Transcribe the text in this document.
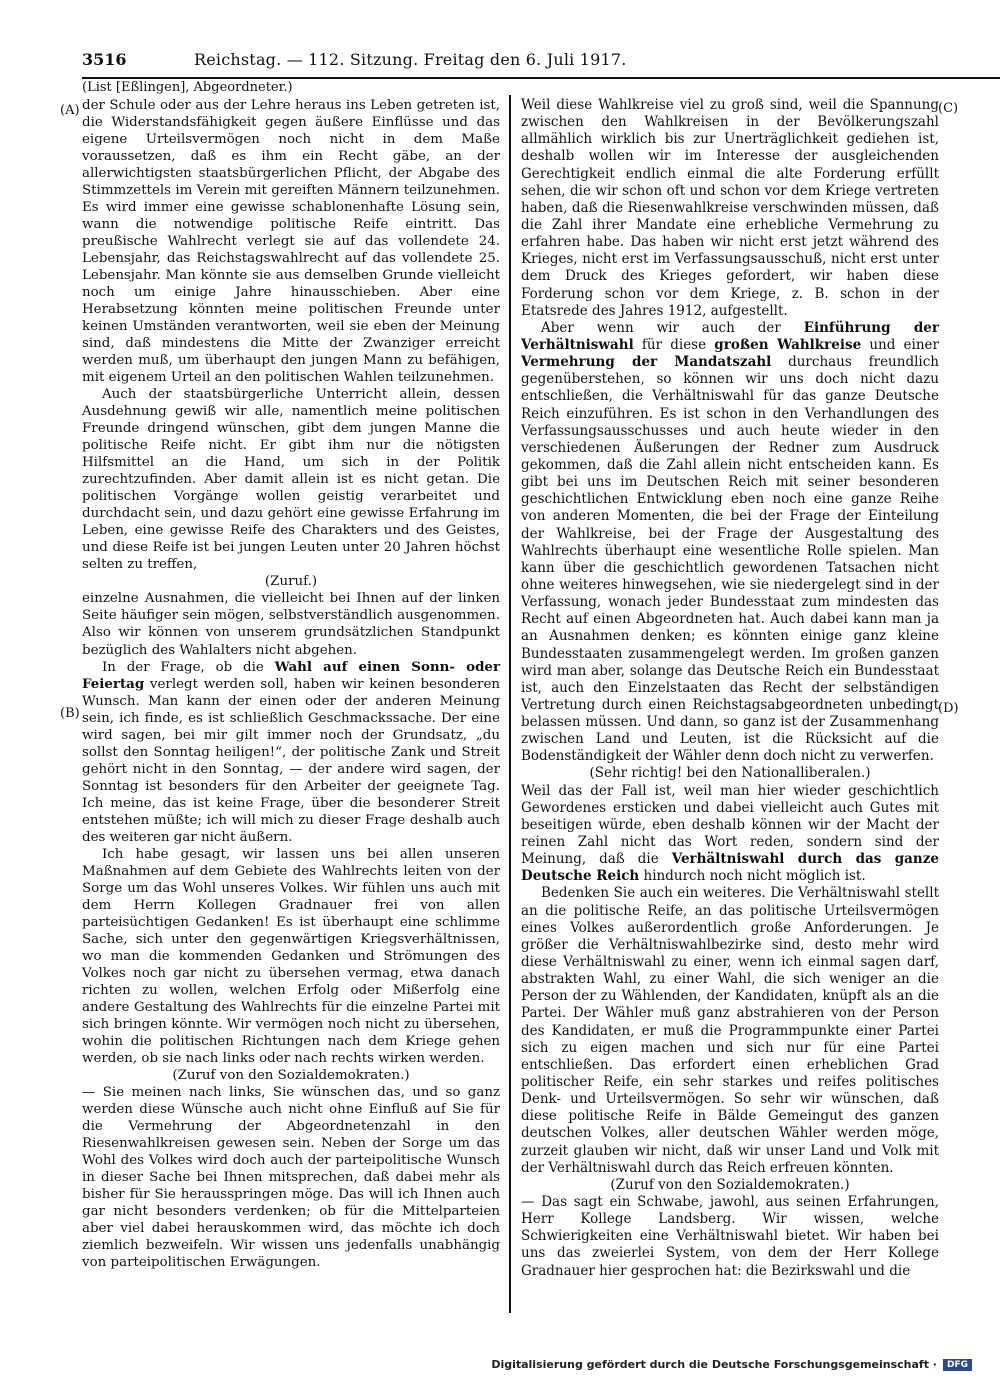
3516	Reichstag. — 112. Sitzung. Freitag den 6. Juli 1917.
(List [Eßlingen], Abgeordneter.)
(A)
(B)
(C)
(D)

der Schule oder aus der Lehre heraus ins Leben getreten ist, die Widerstandsfähigkeit gegen äußere Einflüsse und das eigene Urteilsvermögen noch nicht in dem Maße voraussetzen, daß es ihm ein Recht gäbe, an der allerwichtigsten staatsbürgerlichen Pflicht, der Abgabe des Stimmzettels im Verein mit gereiften Männern teilzunehmen. Es wird immer eine gewisse schablonenhafte Lösung sein, wann die notwendige politische Reife eintritt. Das preußische Wahlrecht verlegt sie auf das vollendete 24. Lebensjahr, das Reichstagswahlrecht auf das vollendete 25. Lebensjahr. Man könnte sie aus demselben Grunde vielleicht noch um einige Jahre hinausschieben. Aber eine Herabsetzung könnten meine politischen Freunde unter keinen Umständen verantworten, weil sie eben der Meinung sind, daß mindestens die Mitte der Zwanziger erreicht werden muß, um überhaupt den jungen Mann zu befähigen, mit eigenem Urteil an den politischen Wahlen teilzunehmen.

Auch der staatsbürgerliche Unterricht allein, dessen Ausdehnung gewiß wir alle, namentlich meine politischen Freunde dringend wünschen, gibt dem jungen Manne die politische Reife nicht. Er gibt ihm nur die nötigsten Hilfsmittel an die Hand, um sich in der Politik zurechtzufinden. Aber damit allein ist es nicht getan. Die politischen Vorgänge wollen geistig verarbeitet und durchdacht sein, und dazu gehört eine gewisse Erfahrung im Leben, eine gewisse Reife des Charakters und des Geistes, und diese Reife ist bei jungen Leuten unter 20 Jahren höchst selten zu treffen,

(Zuruf.)

einzelne Ausnahmen, die vielleicht bei Ihnen auf der linken Seite häufiger sein mögen, selbstverständlich ausgenommen. Also wir können von unserem grundsätzlichen Standpunkt bezüglich des Wahlalters nicht abgehen.

In der Frage, ob die Wahl auf einen Sonn- oder Feiertag verlegt werden soll, haben wir keinen besonderen Wunsch. Man kann der einen oder der anderen Meinung sein, ich finde, es ist schließlich Geschmackssache. Der eine wird sagen, bei mir gilt immer noch der Grundsatz, „du sollst den Sonntag heiligen!“, der politische Zank und Streit gehört nicht in den Sonntag, — der andere wird sagen, der Sonntag ist besonders für den Arbeiter der geeignete Tag. Ich meine, das ist keine Frage, über die besonderer Streit entstehen müßte; ich will mich zu dieser Frage deshalb auch des weiteren gar nicht äußern.

Ich habe gesagt, wir lassen uns bei allen unseren Maßnahmen auf dem Gebiete des Wahlrechts leiten von der Sorge um das Wohl unseres Volkes. Wir fühlen uns auch mit dem Herrn Kollegen Gradnauer frei von allen parteisüchtigen Gedanken! Es ist überhaupt eine schlimme Sache, sich unter den gegenwärtigen Kriegsverhältnissen, wo man die kommenden Gedanken und Strömungen des Volkes noch gar nicht zu übersehen vermag, etwa danach richten zu wollen, welchen Erfolg oder Mißerfolg eine andere Gestaltung des Wahlrechts für die einzelne Partei mit sich bringen könnte. Wir vermögen noch nicht zu übersehen, wohin die politischen Richtungen nach dem Kriege gehen werden, ob sie nach links oder nach rechts wirken werden.

(Zuruf von den Sozialdemokraten.)

— Sie meinen nach links, Sie wünschen das, und so ganz werden diese Wünsche auch nicht ohne Einfluß auf Sie für die Vermehrung der Abgeordnetenzahl in den Riesenwahlkreisen gewesen sein. Neben der Sorge um das Wohl des Volkes wird doch auch der parteipolitische Wunsch in dieser Sache bei Ihnen mitsprechen, daß dabei mehr als bisher für Sie herausspringen möge. Das will ich Ihnen auch gar nicht besonders verdenken; ob für die Mittelparteien aber viel dabei herauskommen wird, das möchte ich doch ziemlich bezweifeln. Wir wissen uns jedenfalls unabhängig von parteipolitischen Erwägungen.

Weil diese Wahlkreise viel zu groß sind, weil die Spannung zwischen den Wahlkreisen in der Bevölkerungszahl allmählich wirklich bis zur Unerträglichkeit gediehen ist, deshalb wollen wir im Interesse der ausgleichenden Gerechtigkeit endlich einmal die alte Forderung erfüllt sehen, die wir schon oft und schon vor dem Kriege vertreten haben, daß die Riesenwahlkreise verschwinden müssen, daß die Zahl ihrer Mandate eine erhebliche Vermehrung zu erfahren habe. Das haben wir nicht erst jetzt während des Krieges, nicht erst im Verfassungsausschuß, nicht erst unter dem Druck des Krieges gefordert, wir haben diese Forderung schon vor dem Kriege, z. B. schon in der Etatsrede des Jahres 1912, aufgestellt.

Aber wenn wir auch der Einführung der Verhältniswahl für diese großen Wahlkreise und einer Vermehrung der Mandatszahl durchaus freundlich gegenüberstehen, so können wir uns doch nicht dazu entschließen, die Verhältniswahl für das ganze Deutsche Reich einzuführen. Es ist schon in den Verhandlungen des Verfassungsausschusses und auch heute wieder in den verschiedenen Äußerungen der Redner zum Ausdruck gekommen, daß die Zahl allein nicht entscheiden kann. Es gibt bei uns im Deutschen Reich mit seiner besonderen geschichtlichen Entwicklung eben noch eine ganze Reihe von anderen Momenten, die bei der Frage der Einteilung der Wahlkreise, bei der Frage der Ausgestaltung des Wahlrechts überhaupt eine wesentliche Rolle spielen. Man kann über die geschichtlich gewordenen Tatsachen nicht ohne weiteres hinwegsehen, wie sie niedergelegt sind in der Verfassung, wonach jeder Bundesstaat zum mindesten das Recht auf einen Abgeordneten hat. Auch dabei kann man ja an Ausnahmen denken; es könnten einige ganz kleine Bundesstaaten zusammengelegt werden. Im großen ganzen wird man aber, solange das Deutsche Reich ein Bundesstaat ist, auch den Einzelstaaten das Recht der selbständigen Vertretung durch einen Reichstagsabgeordneten unbedingt belassen müssen. Und dann, so ganz ist der Zusammenhang zwischen Land und Leuten, ist die Rücksicht auf die Bodenständigkeit der Wähler denn doch nicht zu verwerfen.

(Sehr richtig! bei den Nationalliberalen.)

Weil das der Fall ist, weil man hier wieder geschichtlich Gewordenes ersticken und dabei vielleicht auch Gutes mit beseitigen würde, eben deshalb können wir der Macht der reinen Zahl nicht das Wort reden, sondern sind der Meinung, daß die Verhältniswahl durch das ganze Deutsche Reich hindurch noch nicht möglich ist.

Bedenken Sie auch ein weiteres. Die Verhältniswahl stellt an die politische Reife, an das politische Urteilsvermögen eines Volkes außerordentlich große Anforderungen. Je größer die Verhältniswahlbezirke sind, desto mehr wird diese Verhältniswahl zu einer, wenn ich einmal sagen darf, abstrakten Wahl, zu einer Wahl, die sich weniger an die Person der zu Wählenden, der Kandidaten, knüpft als an die Partei. Der Wähler muß ganz abstrahieren von der Person des Kandidaten, er muß die Programmpunkte einer Partei sich zu eigen machen und sich nur für eine Partei entschließen. Das erfordert einen erheblichen Grad politischer Reife, ein sehr starkes und reifes politisches Denk- und Urteilsvermögen. So sehr wir wünschen, daß diese politische Reife in Bälde Gemeingut des ganzen deutschen Volkes, aller deutschen Wähler werden möge, zurzeit glauben wir nicht, daß wir unser Land und Volk mit der Verhältniswahl durch das Reich erfreuen könnten.

(Zuruf von den Sozialdemokraten.)

— Das sagt ein Schwabe, jawohl, aus seinen Erfahrungen, Herr Kollege Landsberg. Wir wissen, welche Schwierigkeiten eine Verhältniswahl bietet. Wir haben bei uns das zweierlei System, von dem der Herr Kollege Gradnauer hier gesprochen hat: die Bezirkswahl und die

Digitalisierung gefördert durch die Deutsche Forschungsgemeinschaft ·	DFG
